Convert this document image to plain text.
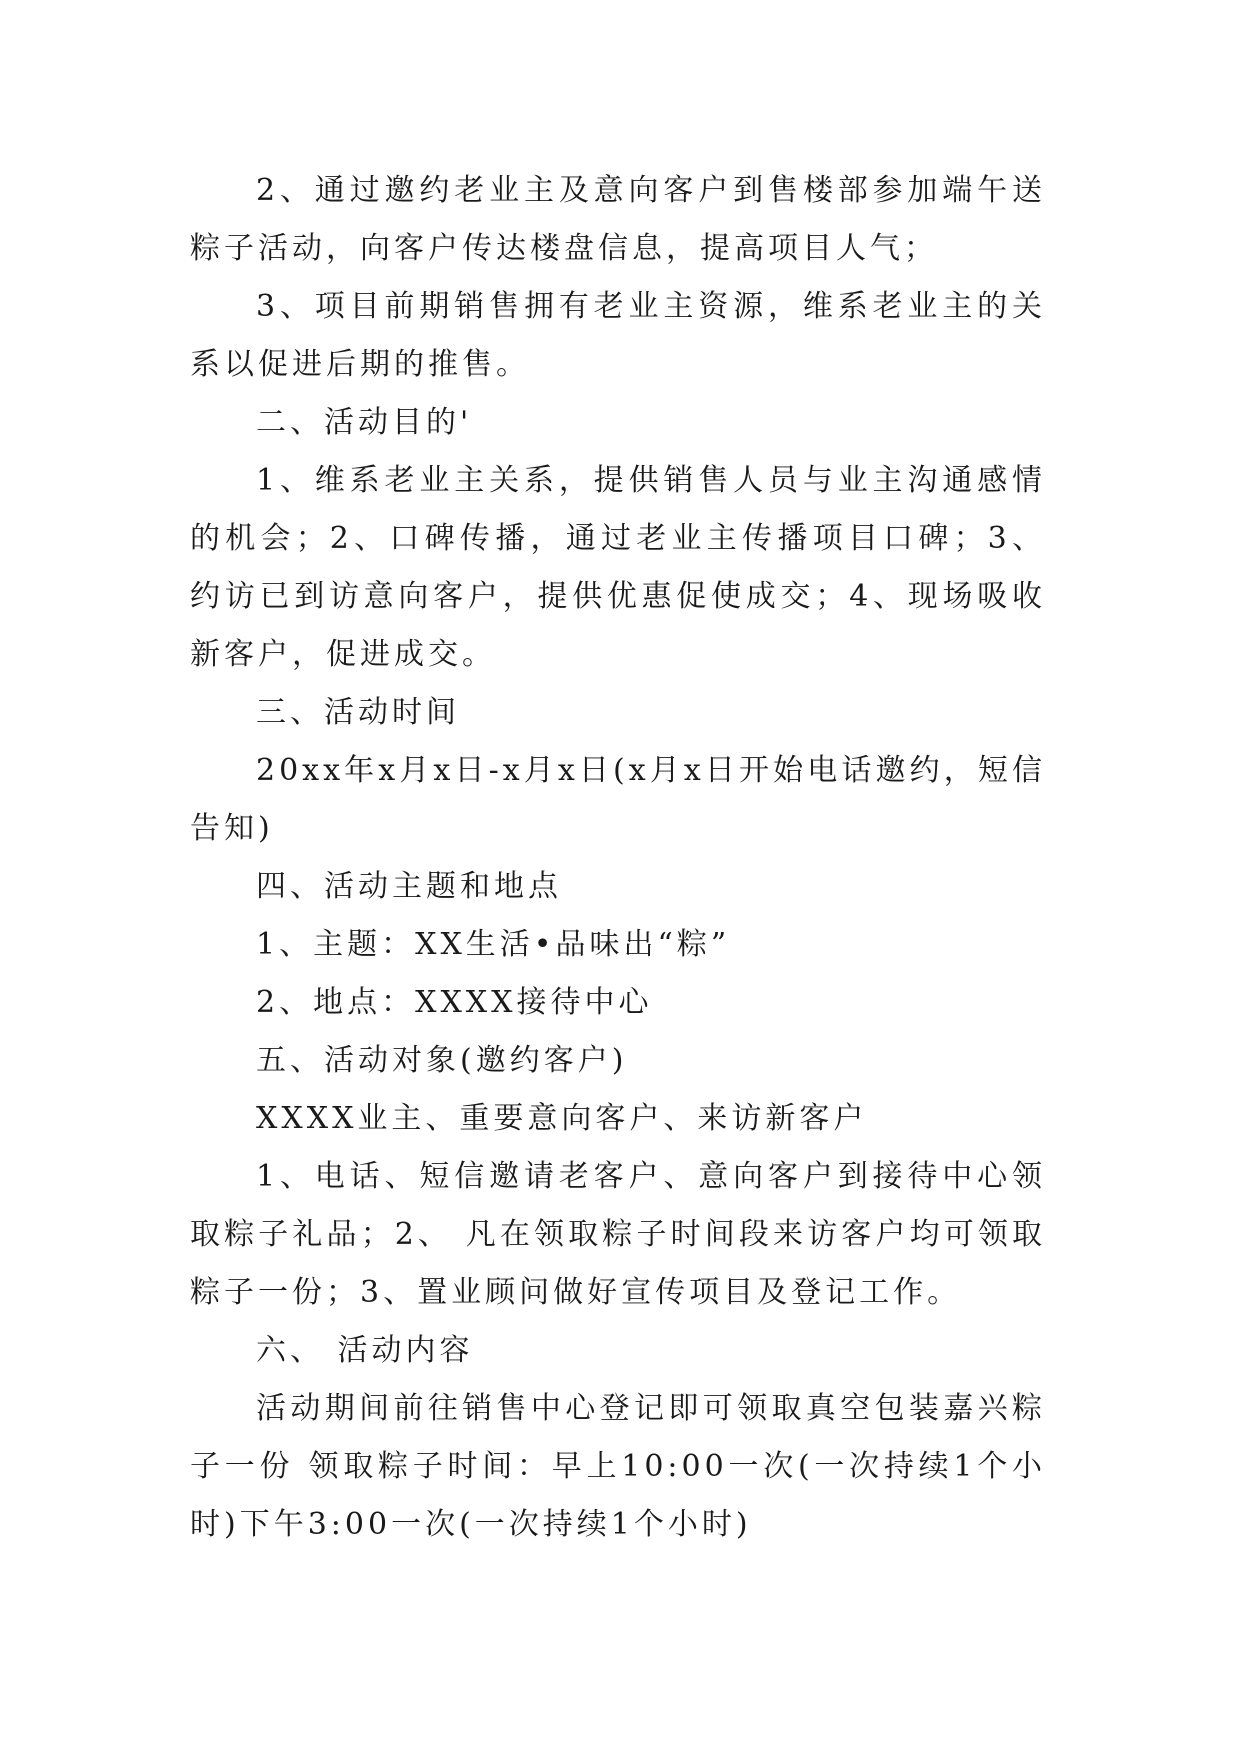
2、通过邀约老业主及意向客户到售楼部参加端午送粽子活动，向客户传达楼盘信息，提高项目人气；

3、项目前期销售拥有老业主资源，维系老业主的关系以促进后期的推售。

二、活动目的'

1、维系老业主关系，提供销售人员与业主沟通感情的机会；2、口碑传播，通过老业主传播项目口碑；3、约访已到访意向客户，提供优惠促使成交；4、现场吸收新客户，促进成交。

三、活动时间

20xx年x月x日-x月x日(x月x日开始电话邀约，短信告知)

四、活动主题和地点

1、主题：XX生活•品味出“粽”

2、地点：XXXX接待中心

五、活动对象(邀约客户)

XXXX业主、重要意向客户、来访新客户

1、电话、短信邀请老客户、意向客户到接待中心领取粽子礼品；2、 凡在领取粽子时间段来访客户均可领取粽子一份；3、置业顾问做好宣传项目及登记工作。

六、 活动内容

活动期间前往销售中心登记即可领取真空包装嘉兴粽子一份 领取粽子时间：早上10:00一次(一次持续1个小时)下午3:00一次(一次持续1个小时)
